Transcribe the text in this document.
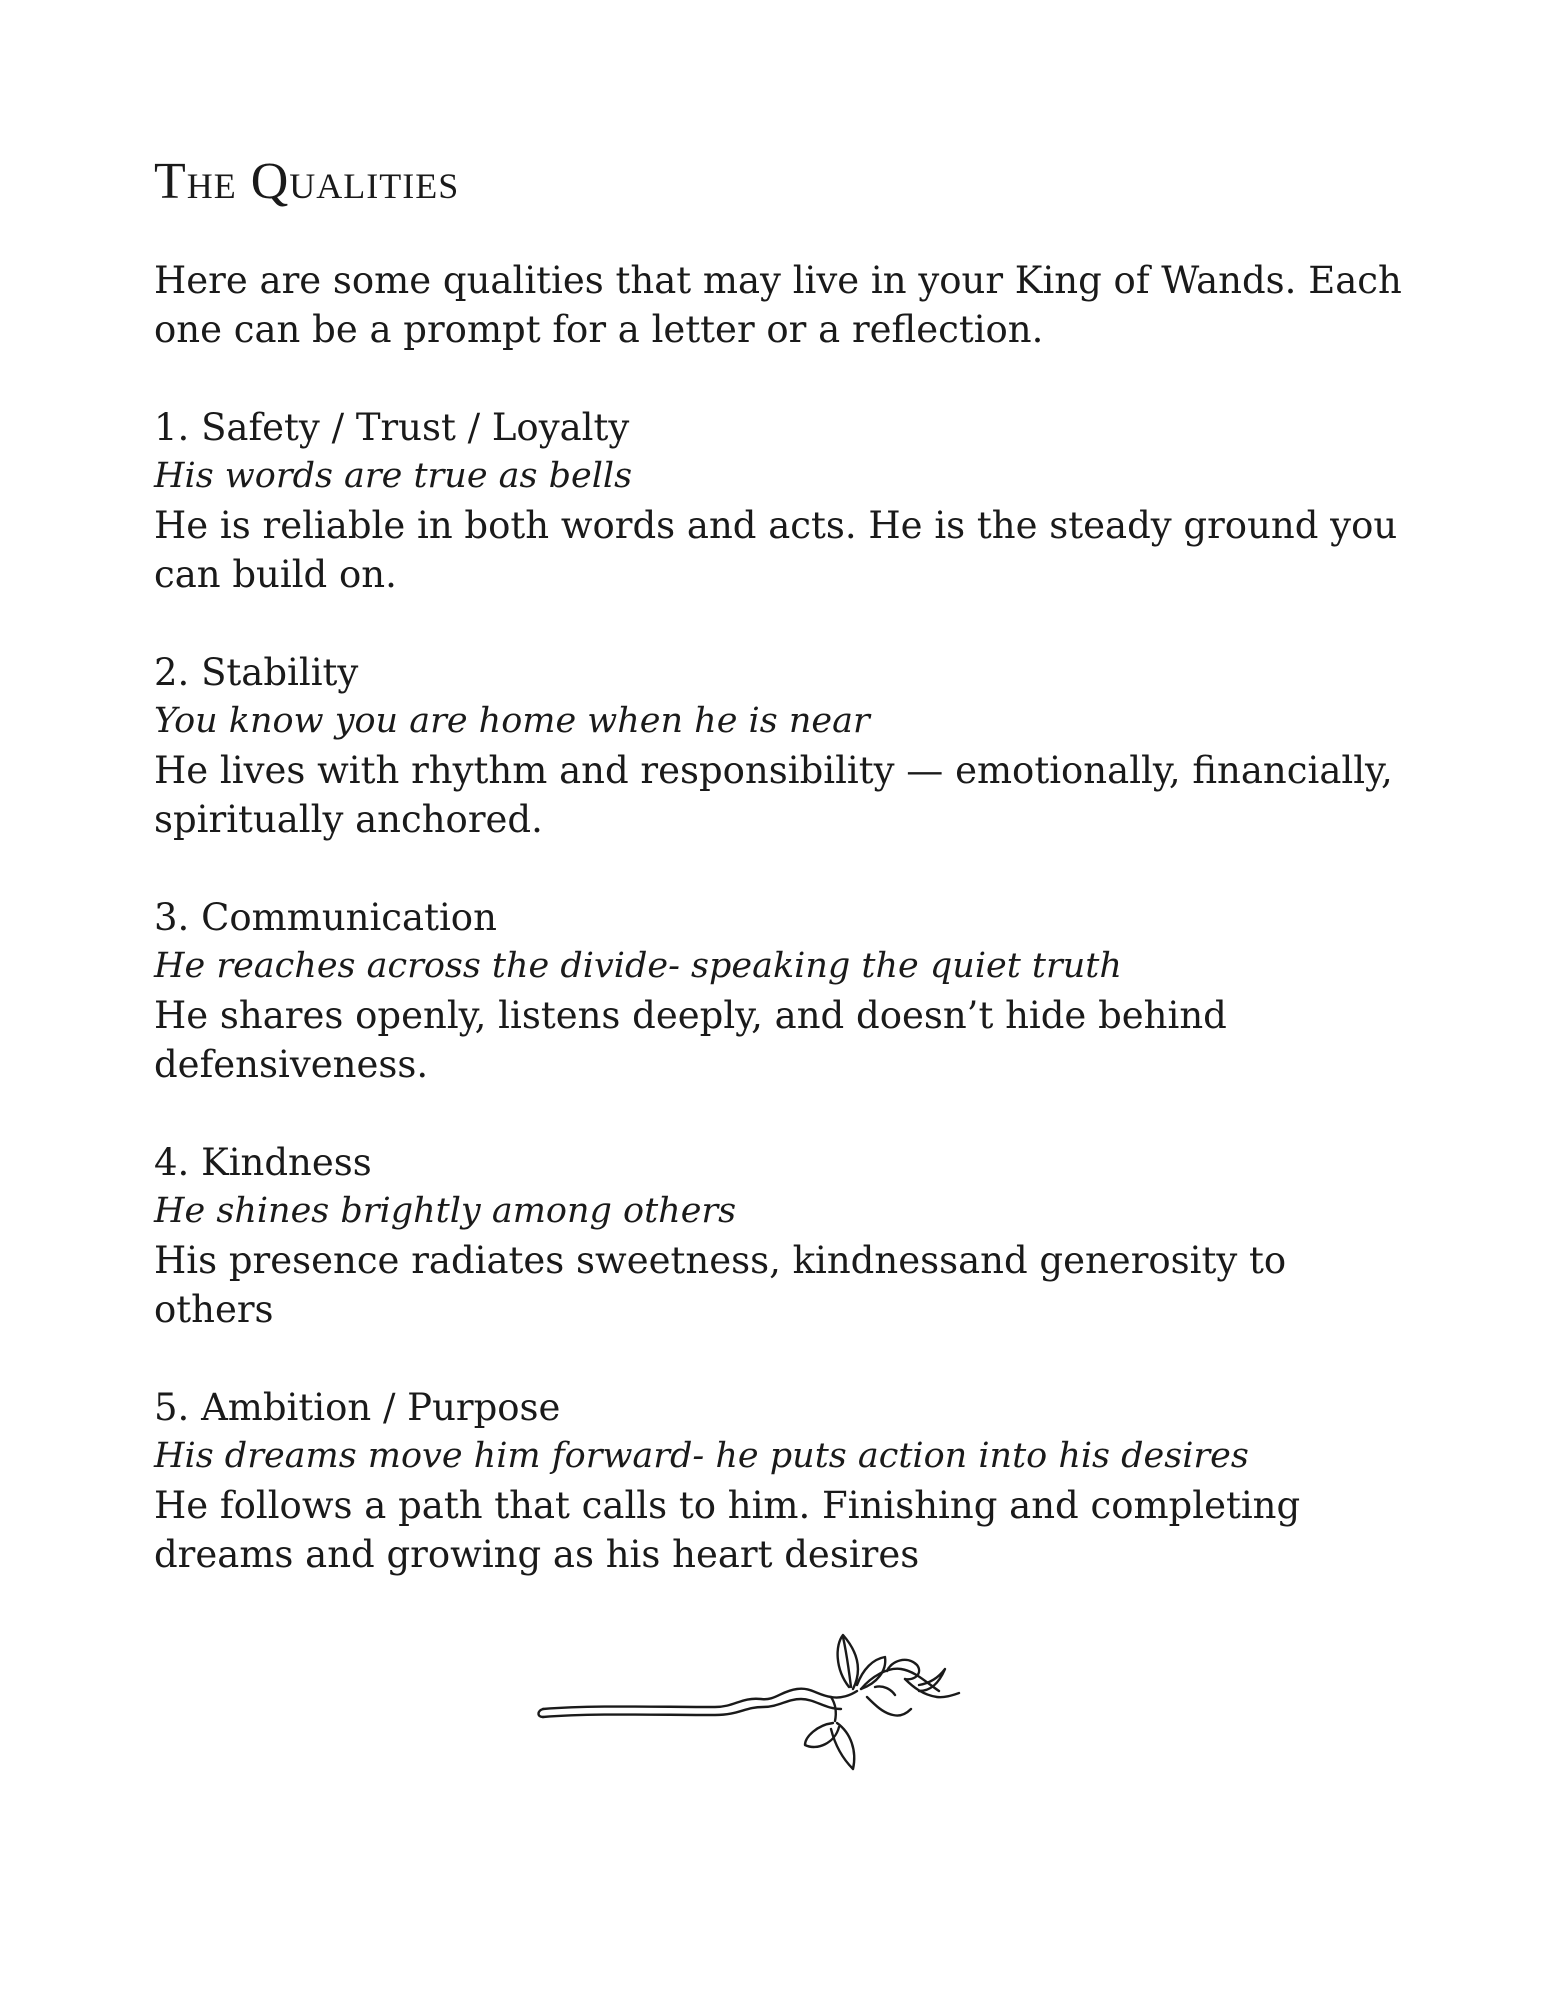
The Qualities

Here are some qualities that may live in your King of Wands. Each one can be a prompt for a letter or a reflection.

1. Safety / Trust / Loyalty
His words are true as bells
He is reliable in both words and acts. He is the steady ground you can build on.
2. Stability
You know you are home when he is near
He lives with rhythm and responsibility — emotionally, financially, spiritually anchored.
3. Communication
He reaches across the divide- speaking the quiet truth
He shares openly, listens deeply, and doesn’t hide behind defensiveness.
4. Kindness
He shines brightly among others
His presence radiates sweetness, kindnessand generosity to others
5. Ambition / Purpose
His dreams move him forward- he puts action into his desires
He follows a path that calls to him. Finishing and completing dreams and growing as his heart desires
